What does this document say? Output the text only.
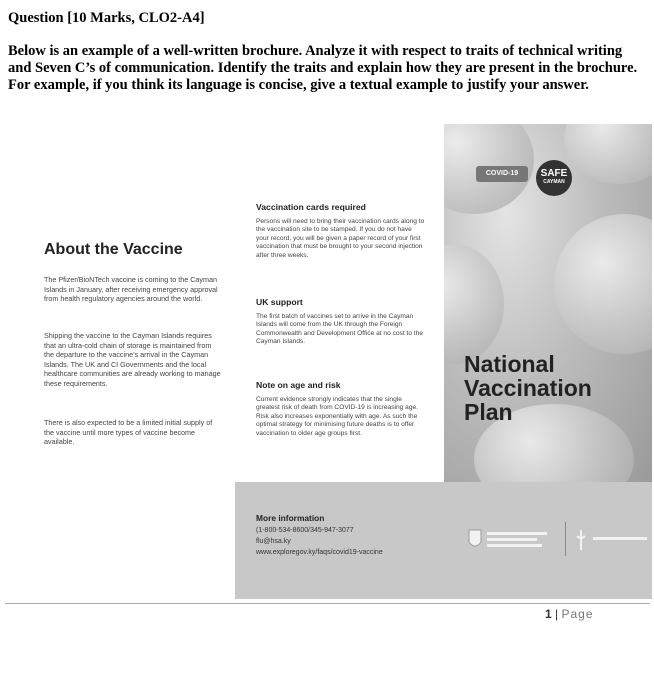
Question [10 Marks, CLO2-A4]
Below is an example of a well-written brochure. Analyze it with respect to traits of technical writing and Seven C’s of communication. Identify the traits and explain how they are present in the brochure. For example, if you think its language is concise, give a textual example to justify your answer.
About the Vaccine

The Pfizer/BioNTech vaccine is coming to the Cayman Islands in January, after receiving emergency approval from health regulatory agencies around the world.

Shipping the vaccine to the Cayman Islands requires that an ultra-cold chain of storage is maintained from the departure to the vaccine’s arrival in the Cayman Islands. The UK and CI Governments and the local healthcare communities are already working to manage these requirements.

There is also expected to be a limited initial supply of the vaccine until more types of vaccine become available.

Vaccination cards required

Persons will need to bring their vaccination cards along to the vaccination site to be stamped. If you do not have your record, you will be given a paper record of your first vaccination that must be brought to your second injection after three weeks.

UK support

The first batch of vaccines set to arrive in the Cayman Islands will come from the UK through the Foreign Commonwealth and Development Office at no cost to the Cayman Islands.

Note on age and risk

Current evidence strongly indicates that the single greatest risk of death from COVID-19 is increasing age. Risk also increases exponentially with age. As such the optimal strategy for minimising future deaths is to offer vaccination to older age groups first.

COVID-19	SAFE
CAYMAN
National
Vaccination
Plan
More information
(1-800-534-8600/345-947-3077
flu@hsa.ky
www.exploregov.ky/faqs/covid19-vaccine
1 | Page
